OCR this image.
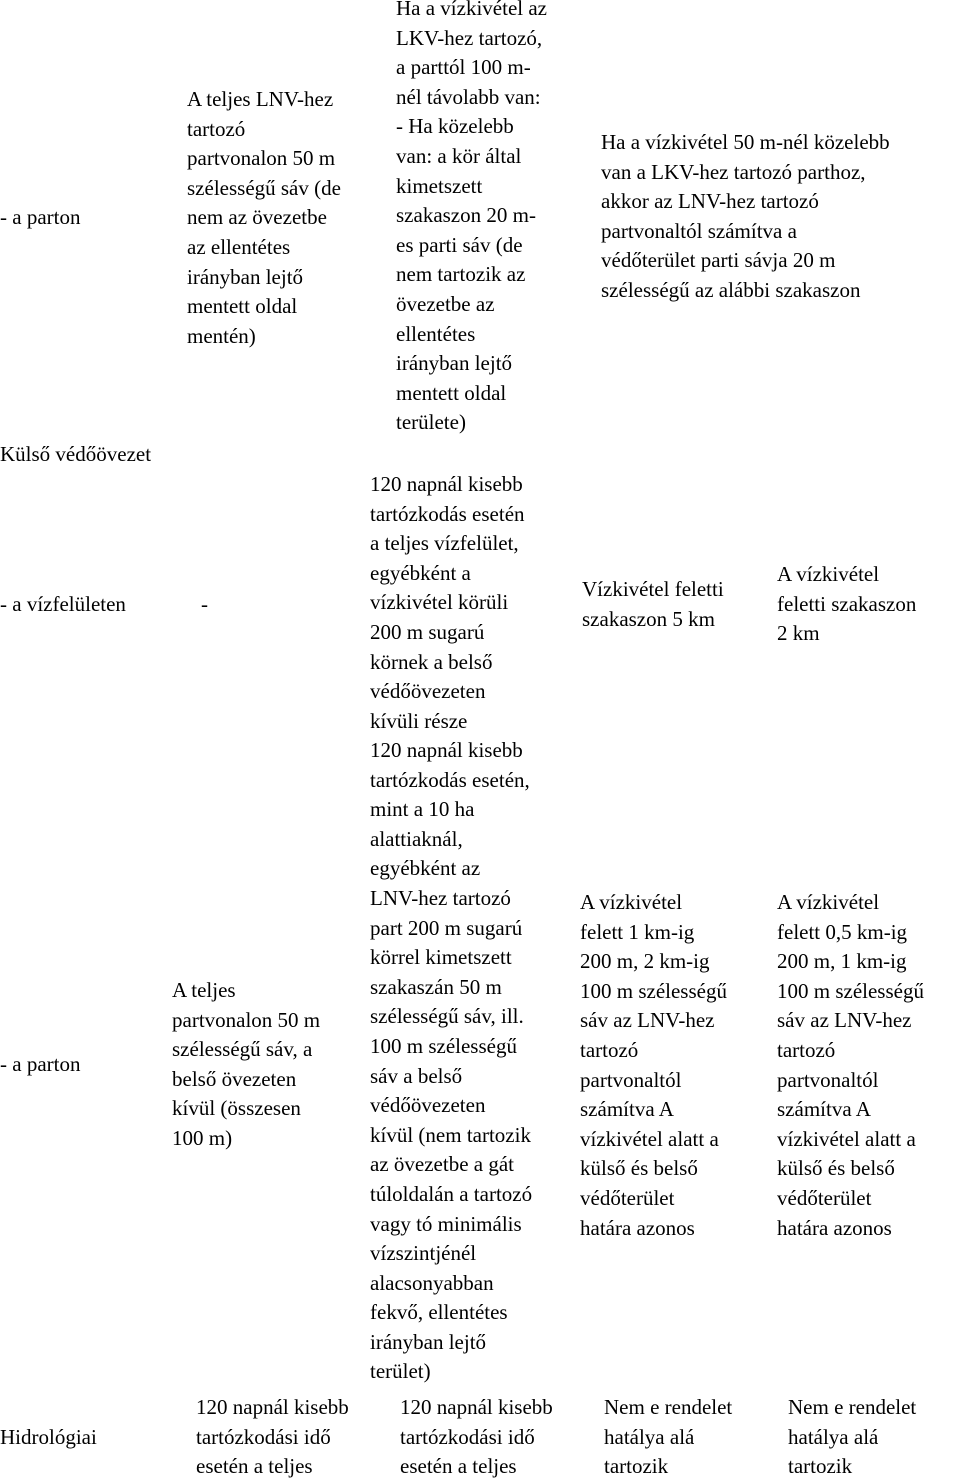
- a parton

A teljes LNV-hez
tartozó
partvonalon 50 m
szélességű sáv (de
nem az övezetbe
az ellentétes
irányban lejtő
mentett oldal
mentén)

Ha a vízkivétel az
LKV-hez tartozó,
a parttól 100 m-
nél távolabb van:
- Ha közelebb
van: a kör által
kimetszett
szakaszon 20 m-
es parti sáv (de
nem tartozik az
övezetbe az
ellentétes
irányban lejtő
mentett oldal
területe)

Ha a vízkivétel 50 m-nél közelebb
van a LKV-hez tartozó parthoz,
akkor az LNV-hez tartozó
partvonaltól számítva a
védőterület parti sávja 20 m
szélességű az alábbi szakaszon

Külső védőövezet

- a vízfelületen	-

120 napnál kisebb
tartózkodás esetén
a teljes vízfelület,
egyébként a
vízkivétel körüli
200 m sugarú
körnek a belső
védőövezeten
kívüli része

Vízkivétel feletti
szakaszon 5 km

A vízkivétel
feletti szakaszon
2 km

- a parton

A teljes
partvonalon 50 m
szélességű sáv, a
belső övezeten
kívül (összesen
100 m)

120 napnál kisebb
tartózkodás esetén,
mint a 10 ha
alattiaknál,
egyébként az
LNV-hez tartozó
part 200 m sugarú
körrel kimetszett
szakaszán 50 m
szélességű sáv, ill.
100 m szélességű
sáv a belső
védőövezeten
kívül (nem tartozik
az övezetbe a gát
túloldalán a tartozó
vagy tó minimális
vízszintjénél
alacsonyabban
fekvő, ellentétes
irányban lejtő
terület)

A vízkivétel
felett 1 km-ig
200 m, 2 km-ig
100 m szélességű
sáv az LNV-hez
tartozó
partvonaltól
számítva A
vízkivétel alatt a
külső és belső
védőterület
határa azonos

A vízkivétel
felett 0,5 km-ig
200 m, 1 km-ig
100 m szélességű
sáv az LNV-hez
tartozó
partvonaltól
számítva A
vízkivétel alatt a
külső és belső
védőterület
határa azonos

Hidrológiai

120 napnál kisebb
tartózkodási idő
esetén a teljes

120 napnál kisebb
tartózkodási idő
esetén a teljes

Nem e rendelet
hatálya alá
tartozik

Nem e rendelet
hatálya alá
tartozik
